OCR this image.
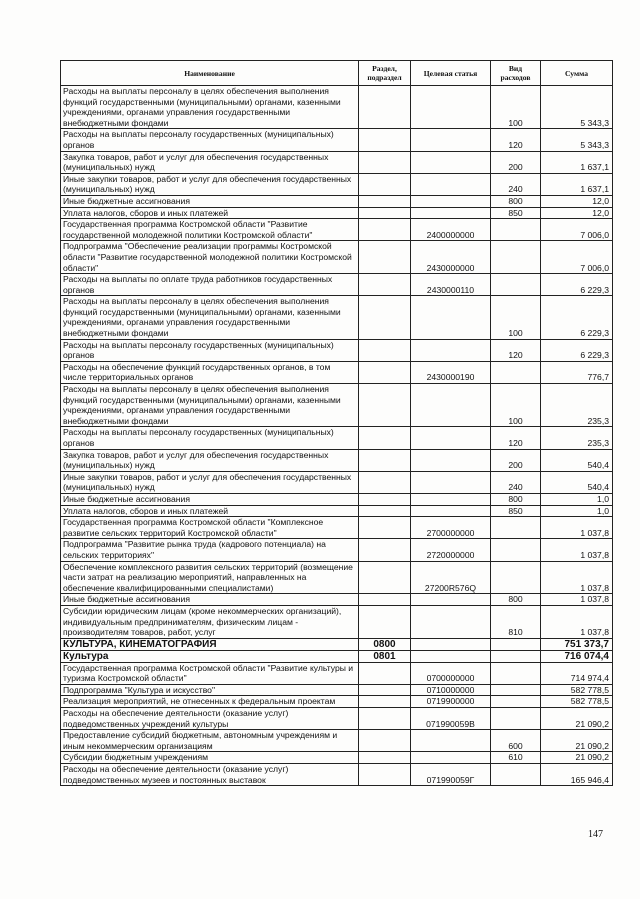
Наименование	Раздел, подраздел	Целевая статья	Вид расходов	Сумма
Расходы на выплаты персоналу в целях обеспечения выполнения функций государственными (муниципальными) органами, казенными учреждениями, органами управления государственными внебюджетными фондами			100	5 343,3
Расходы на выплаты персоналу государственных (муниципальных) органов			120	5 343,3
Закупка товаров, работ и услуг для обеспечения государственных (муниципальных) нужд			200	1 637,1
Иные закупки товаров, работ и услуг для обеспечения государственных (муниципальных) нужд			240	1 637,1
Иные бюджетные ассигнования			800	12,0
Уплата налогов, сборов и иных платежей			850	12,0
Государственная программа Костромской области "Развитие государственной молодежной политики Костромской области"		2400000000		7 006,0
Подпрограмма "Обеспечение реализации программы Костромской области "Развитие государственной молодежной политики Костромской области"		2430000000		7 006,0
Расходы на выплаты по оплате труда работников государственных органов		2430000110		6 229,3
Расходы на выплаты персоналу в целях обеспечения выполнения функций государственными (муниципальными) органами, казенными учреждениями, органами управления государственными внебюджетными фондами			100	6 229,3
Расходы на выплаты персоналу государственных (муниципальных) органов			120	6 229,3
Расходы на обеспечение функций государственных органов, в том числе территориальных органов		2430000190		776,7
Расходы на выплаты персоналу в целях обеспечения выполнения функций государственными (муниципальными) органами, казенными учреждениями, органами управления государственными внебюджетными фондами			100	235,3
Расходы на выплаты персоналу государственных (муниципальных) органов			120	235,3
Закупка товаров, работ и услуг для обеспечения государственных (муниципальных) нужд			200	540,4
Иные закупки товаров, работ и услуг для обеспечения государственных (муниципальных) нужд			240	540,4
Иные бюджетные ассигнования			800	1,0
Уплата налогов, сборов и иных платежей			850	1,0
Государственная программа Костромской области "Комплексное развитие сельских территорий Костромской области"		2700000000		1 037,8
Подпрограмма "Развитие рынка труда (кадрового потенциала) на сельских территориях"		2720000000		1 037,8
Обеспечение комплексного развития сельских территорий (возмещение части затрат на реализацию мероприятий, направленных на обеспечение квалифицированными специалистами)		27200R576Q		1 037,8
Иные бюджетные ассигнования			800	1 037,8
Субсидии юридическим лицам (кроме некоммерческих организаций), индивидуальным предпринимателям, физическим лицам - производителям товаров, работ, услуг			810	1 037,8
КУЛЬТУРА, КИНЕМАТОГРАФИЯ	0800			751 373,7
Культура	0801			716 074,4
Государственная программа Костромской области "Развитие культуры и туризма Костромской области"		0700000000		714 974,4
Подпрограмма "Культура и искусство"		0710000000		582 778,5
Реализация мероприятий, не отнесенных к федеральным проектам		0719900000		582 778,5
Расходы на обеспечение деятельности (оказание услуг) подведомственных учреждений культуры		071990059В		21 090,2
Предоставление субсидий бюджетным, автономным учреждениям и иным некоммерческим организациям			600	21 090,2
Субсидии бюджетным учреждениям			610	21 090,2
Расходы на обеспечение деятельности (оказание услуг) подведомственных музеев и постоянных выставок		071990059Г		165 946,4
147
